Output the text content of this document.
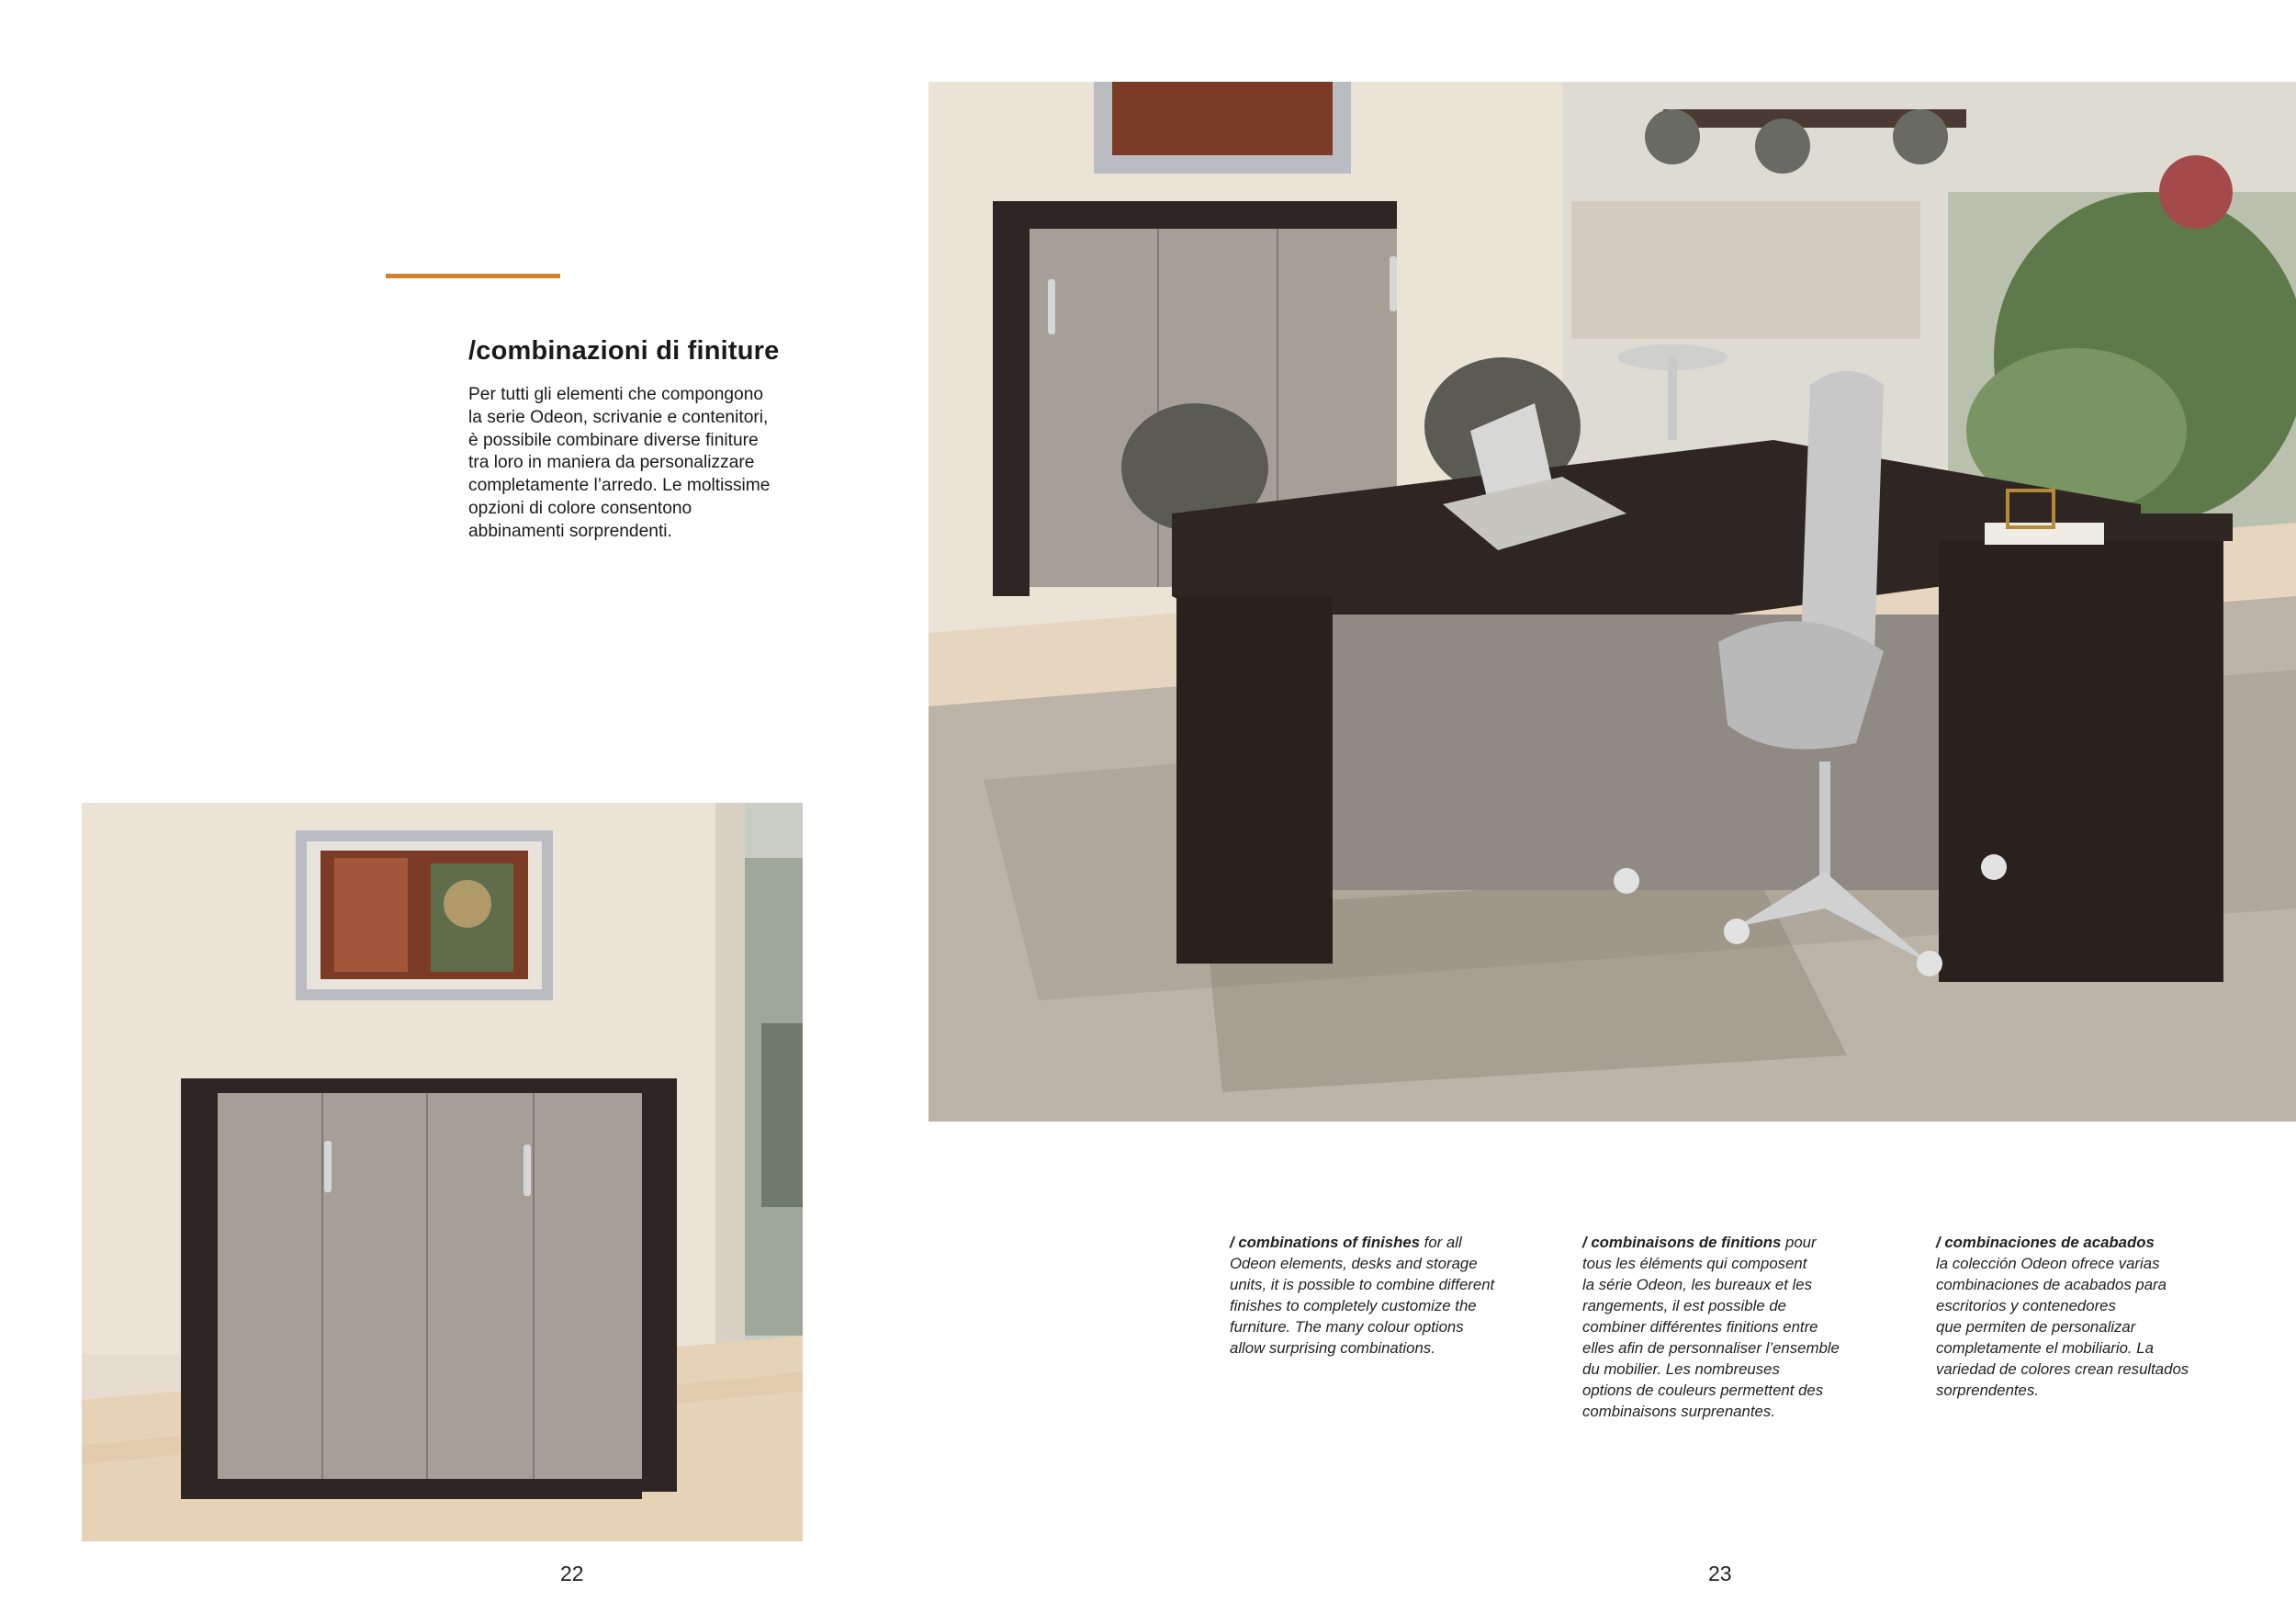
/combinazioni di finiture

Per tutti gli elementi che compongono
la serie Odeon, scrivanie e contenitori,
è possibile combinare diverse finiture
tra loro in maniera da personalizzare
completamente l’arredo. Le moltissime
opzioni di colore consentono
abbinamenti sorprendenti.

22

/ combinations of finishes for all
Odeon elements, desks and storage
units, it is possible to combine different
finishes to completely customize the
furniture. The many colour options
allow surprising combinations.

/ combinaisons de finitions pour
tous les éléments qui composent
la série Odeon, les bureaux et les
rangements, il est possible de
combiner différentes finitions entre
elles afin de personnaliser l’ensemble
du mobilier. Les nombreuses
options de couleurs permettent des
combinaisons surprenantes.

/ combinaciones de acabados
la colección Odeon ofrece varias
combinaciones de acabados para
escritorios y contenedores
que permiten de personalizar
completamente el mobiliario. La
variedad de colores crean resultados
sorprendentes.

23
